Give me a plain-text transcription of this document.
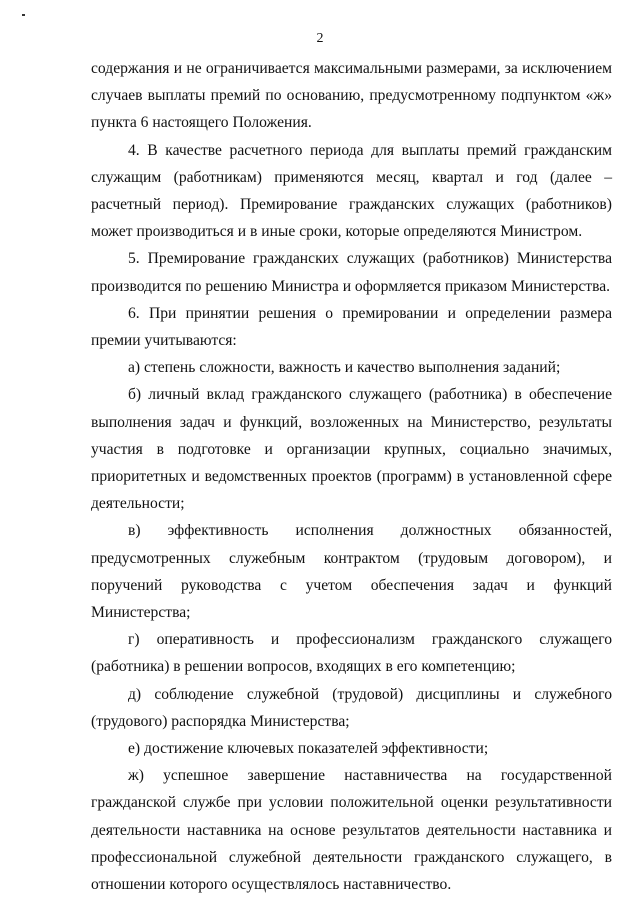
2

содержания и не ограничивается максимальными размерами, за исключением случаев выплаты премий по основанию, предусмотренному подпунктом «ж» пункта 6 настоящего Положения.

4. В качестве расчетного периода для выплаты премий гражданским служащим (работникам) применяются месяц, квартал и год (далее – расчетный период). Премирование гражданских служащих (работников) может производиться и в иные сроки, которые определяются Министром.

5. Премирование гражданских служащих (работников) Министерства производится по решению Министра и оформляется приказом Министерства.

6. При принятии решения о премировании и определении размера премии учитываются:

а) степень сложности, важность и качество выполнения заданий;

б) личный вклад гражданского служащего (работника) в обеспечение выполнения задач и функций, возложенных на Министерство, результаты участия в подготовке и организации крупных, социально значимых, приоритетных и ведомственных проектов (программ) в установленной сфере деятельности;

в) эффективность исполнения должностных обязанностей, предусмотренных служебным контрактом (трудовым договором), и поручений руководства с учетом обеспечения задач и функций Министерства;

г) оперативность и профессионализм гражданского служащего (работника) в решении вопросов, входящих в его компетенцию;

д) соблюдение служебной (трудовой) дисциплины и служебного (трудового) распорядка Министерства;

е) достижение ключевых показателей эффективности;

ж) успешное завершение наставничества на государственной гражданской службе при условии положительной оценки результативности деятельности наставника на основе результатов деятельности наставника и профессиональной служебной деятельности гражданского служащего, в отношении которого осуществлялось наставничество.
